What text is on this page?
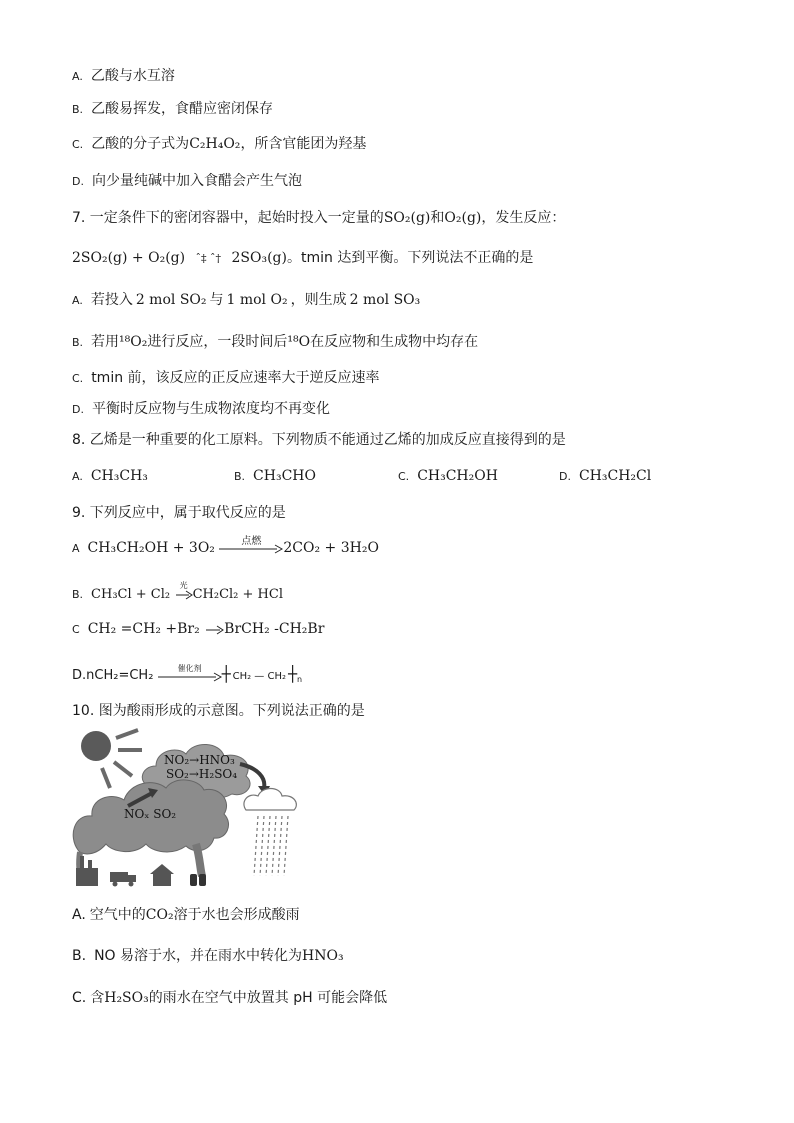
A. 乙酸与水互溶
B. 乙酸易挥发，食醋应密闭保存
C. 乙酸的分子式为C₂H₄O₂，所含官能团为羟基
D. 向少量纯碱中加入食醋会产生气泡
7. 一定条件下的密闭容器中，起始时投入一定量的SO₂(g)和O₂(g)，发生反应：
2SO₂(g) + O₂(g) ˆ‡ ˆ† 2SO₃(g)。tmin 达到平衡。下列说法不正确的是
A. 若投入 2 mol SO₂ 与 1 mol O₂ ，则生成 2 mol SO₃
B. 若用¹⁸O₂进行反应，一段时间后¹⁸O在反应物和生成物中均存在
C. tmin 前，该反应的正反应速率大于逆反应速率
D. 平衡时反应物与生成物浓度均不再变化
8. 乙烯是一种重要的化工原料。下列物质不能通过乙烯的加成反应直接得到的是
A. CH₃CH₃	B. CH₃CHO	C. CH₃CH₂OH	D. CH₃CH₂Cl
9. 下列反应中，属于取代反应的是
A CH₃CH₂OH + 3O₂	点燃	2CO₂ + 3H₂O
B. CH₃Cl + Cl₂
光
CH₂Cl₂ + HCl
C CH₂ =CH₂ +Br₂ →BrCH₂ -CH₂Br
D.nCH₂=CH₂	催化剂	┼ CH₂ — CH₂ $┼_n$
10. 图为酸雨形成的示意图。下列说法正确的是
NO₂→HNO₃
SO₂→H₂SO₄
NOₓ SO₂
A. 空气中的CO₂溶于水也会形成酸雨
B. NO 易溶于水，并在雨水中转化为HNO₃
C. 含H₂SO₃的雨水在空气中放置其 pH 可能会降低
